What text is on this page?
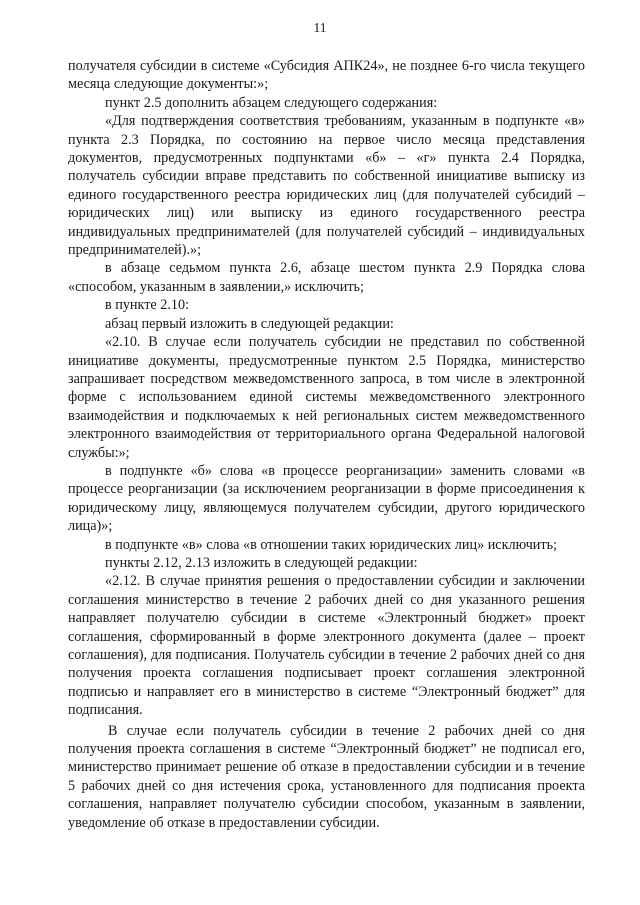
11

получателя субсидии в системе «Субсидия АПК24», не позднее 6-го числа текущего месяца следующие документы:»;

пункт 2.5 дополнить абзацем следующего содержания:

«Для подтверждения соответствия требованиям, указанным в подпункте «в» пункта 2.3 Порядка, по состоянию на первое число месяца представления документов, предусмотренных подпунктами «б» – «г» пункта 2.4 Порядка, получатель субсидии вправе представить по собственной инициативе выписку из единого государственного реестра юридических лиц (для получателей субсидий – юридических лиц) или выписку из единого государственного реестра индивидуальных предпринимателей (для получателей субсидий – индивидуальных предпринимателей).»;

в абзаце седьмом пункта 2.6, абзаце шестом пункта 2.9 Порядка слова «способом, указанным в заявлении,» исключить;

в пункте 2.10:

абзац первый изложить в следующей редакции:

«2.10. В случае если получатель субсидии не представил по собственной инициативе документы, предусмотренные пунктом 2.5 Порядка, министерство запрашивает посредством межведомственного запроса, в том числе в электронной форме с использованием единой системы межведомственного электронного взаимодействия и подключаемых к ней региональных систем межведомственного электронного взаимодействия от территориального органа Федеральной налоговой службы:»;

в подпункте «б» слова «в процессе реорганизации» заменить словами «в процессе реорганизации (за исключением реорганизации в форме присоединения к юридическому лицу, являющемуся получателем субсидии, другого юридического лица)»;

в подпункте «в» слова «в отношении таких юридических лиц» исключить;

пункты 2.12, 2.13 изложить в следующей редакции:

«2.12. В случае принятия решения о предоставлении субсидии и заключении соглашения министерство в течение 2 рабочих дней со дня указанного решения направляет получателю субсидии в системе «Электронный бюджет» проект соглашения, сформированный в форме электронного документа (далее – проект соглашения), для подписания. Получатель субсидии в течение 2 рабочих дней со дня получения проекта соглашения подписывает проект соглашения электронной подписью и направляет его в министерство в системе “Электронный бюджет” для подписания.

В случае если получатель субсидии в течение 2 рабочих дней со дня получения проекта соглашения в системе “Электронный бюджет” не подписал его, министерство принимает решение об отказе в предоставлении субсидии и в течение 5 рабочих дней со дня истечения срока, установленного для подписания проекта соглашения, направляет получателю субсидии способом, указанным в заявлении, уведомление об отказе в предоставлении субсидии.
